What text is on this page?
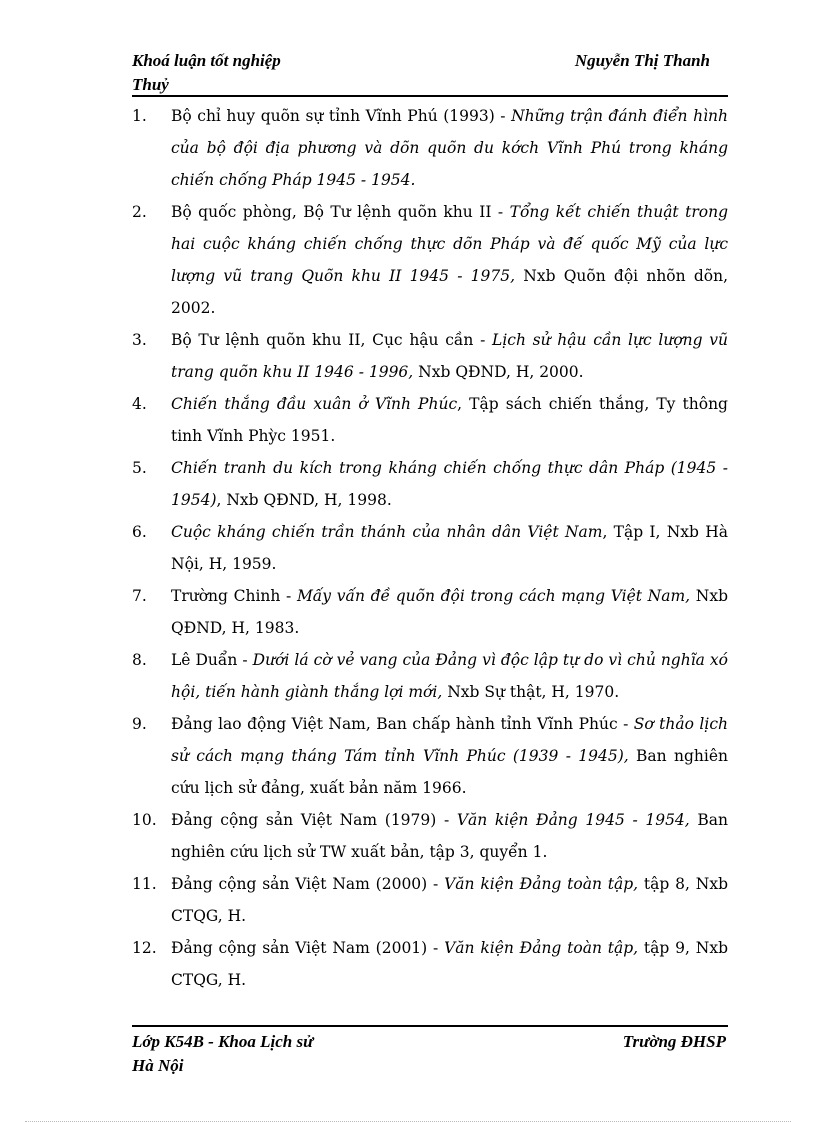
Khoá luận tốt nghiệp	Nguyễn Thị Thanh
Thuỷ
1. Bộ chỉ huy quõn sự tỉnh Vĩnh Phú (1993) - Những trận đánh điển hình của bộ đội địa phương và dõn quõn du kớch Vĩnh Phú trong kháng chiến chống Pháp 1945 - 1954.
2. Bộ quốc phòng, Bộ Tư lệnh quõn khu II - Tổng kết chiến thuật trong hai cuộc kháng chiến chống thực dõn Pháp và đế quốc Mỹ của lực lượng vũ trang Quõn khu II 1945 - 1975, Nxb Quõn đội nhõn dõn, 2002.
3. Bộ Tư lệnh quõn khu II, Cục hậu cần - Lịch sử hậu cần lực lượng vũ trang quõn khu II 1946 - 1996, Nxb QĐND, H, 2000.
4. Chiến thắng đầu xuân ở Vĩnh Phúc, Tập sách chiến thắng, Ty thông tinh Vĩnh Phỳc 1951.
5. Chiến tranh du kích trong kháng chiến chống thực dân Pháp (1945 - 1954), Nxb QĐND, H, 1998.
6. Cuộc kháng chiến trần thánh của nhân dân Việt Nam, Tập I, Nxb Hà Nội, H, 1959.
7. Trường Chinh - Mấy vấn đề quõn đội trong cách mạng Việt Nam, Nxb QĐND, H, 1983.
8. Lê Duẩn - Dưới lá cờ vẻ vang của Đảng vì độc lập tự do vì chủ nghĩa xó hội, tiến hành giành thắng lợi mới, Nxb Sự thật, H, 1970.
9. Đảng lao động Việt Nam, Ban chấp hành tỉnh Vĩnh Phúc - Sơ thảo lịch sử cách mạng tháng Tám tỉnh Vĩnh Phúc (1939 - 1945), Ban nghiên cứu lịch sử đảng, xuất bản năm 1966.
10. Đảng cộng sản Việt Nam (1979) - Văn kiện Đảng 1945 - 1954, Ban nghiên cứu lịch sử TW xuất bản, tập 3, quyển 1.
11. Đảng cộng sản Việt Nam (2000) - Văn kiện Đảng toàn tập, tập 8, Nxb CTQG, H.
12. Đảng cộng sản Việt Nam (2001) - Văn kiện Đảng toàn tập, tập 9, Nxb CTQG, H.
Lớp K54B - Khoa Lịch sử	Trường ĐHSP
Hà Nội
